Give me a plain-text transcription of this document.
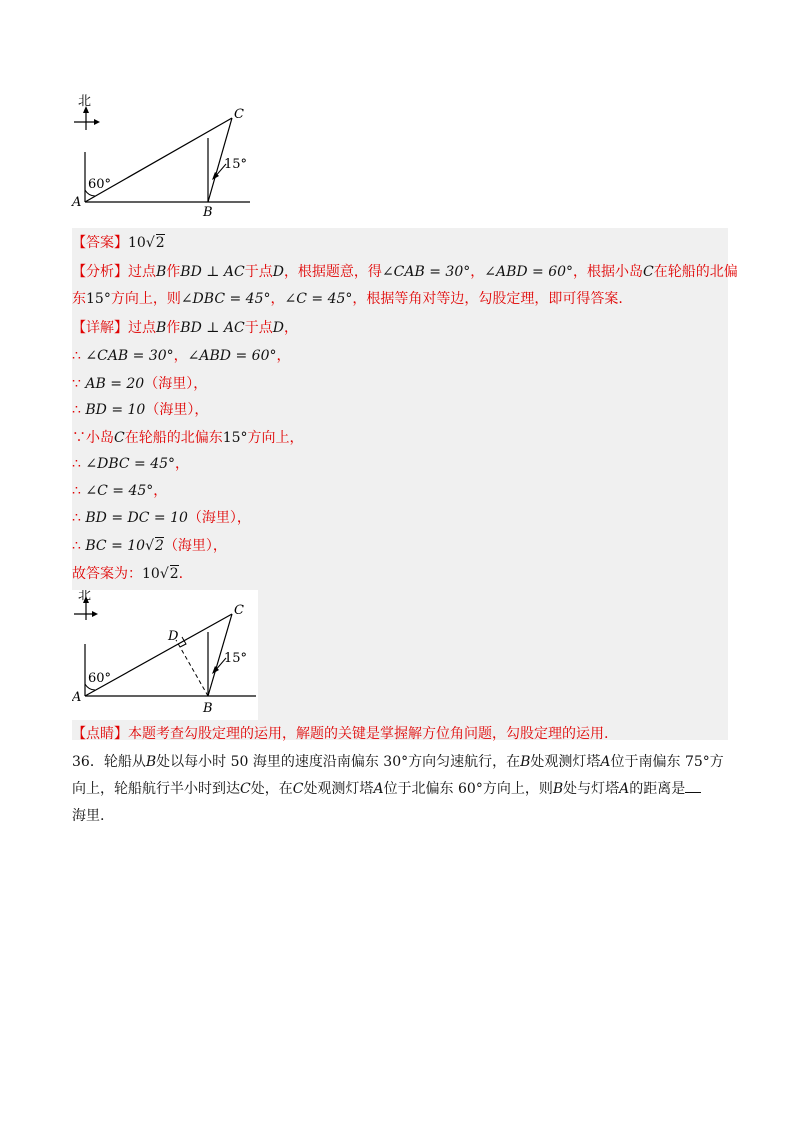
北
60°
15°
A
B
C
【答案】10√2
【分析】过点B作BD ⊥ AC于点D，根据题意，得∠CAB = 30°，∠ABD = 60°，根据小岛C在轮船的北偏
东15°方向上，则∠DBC = 45°，∠C = 45°，根据等角对等边，勾股定理，即可得答案.
【详解】过点B作BD ⊥ AC于点D，
∴ ∠CAB = 30°，∠ABD = 60°，
∵ AB = 20（海里），
∴ BD = 10（海里），
∵小岛C在轮船的北偏东15°方向上，
∴ ∠DBC = 45°，
∴ ∠C = 45°，
∴ BD = DC = 10（海里），
∴ BC = 10√2（海里），
故答案为：10√2.
北
60°
15°
A
B
C
D
【点睛】本题考查勾股定理的运用，解题的关键是掌握解方位角问题，勾股定理的运用.
36．轮船从B处以每小时 50 海里的速度沿南偏东 30°方向匀速航行，在B处观测灯塔A位于南偏东 75°方
向上，轮船航行半小时到达C处，在C处观测灯塔A位于北偏东 60°方向上，则B处与灯塔A的距离是
海里.
